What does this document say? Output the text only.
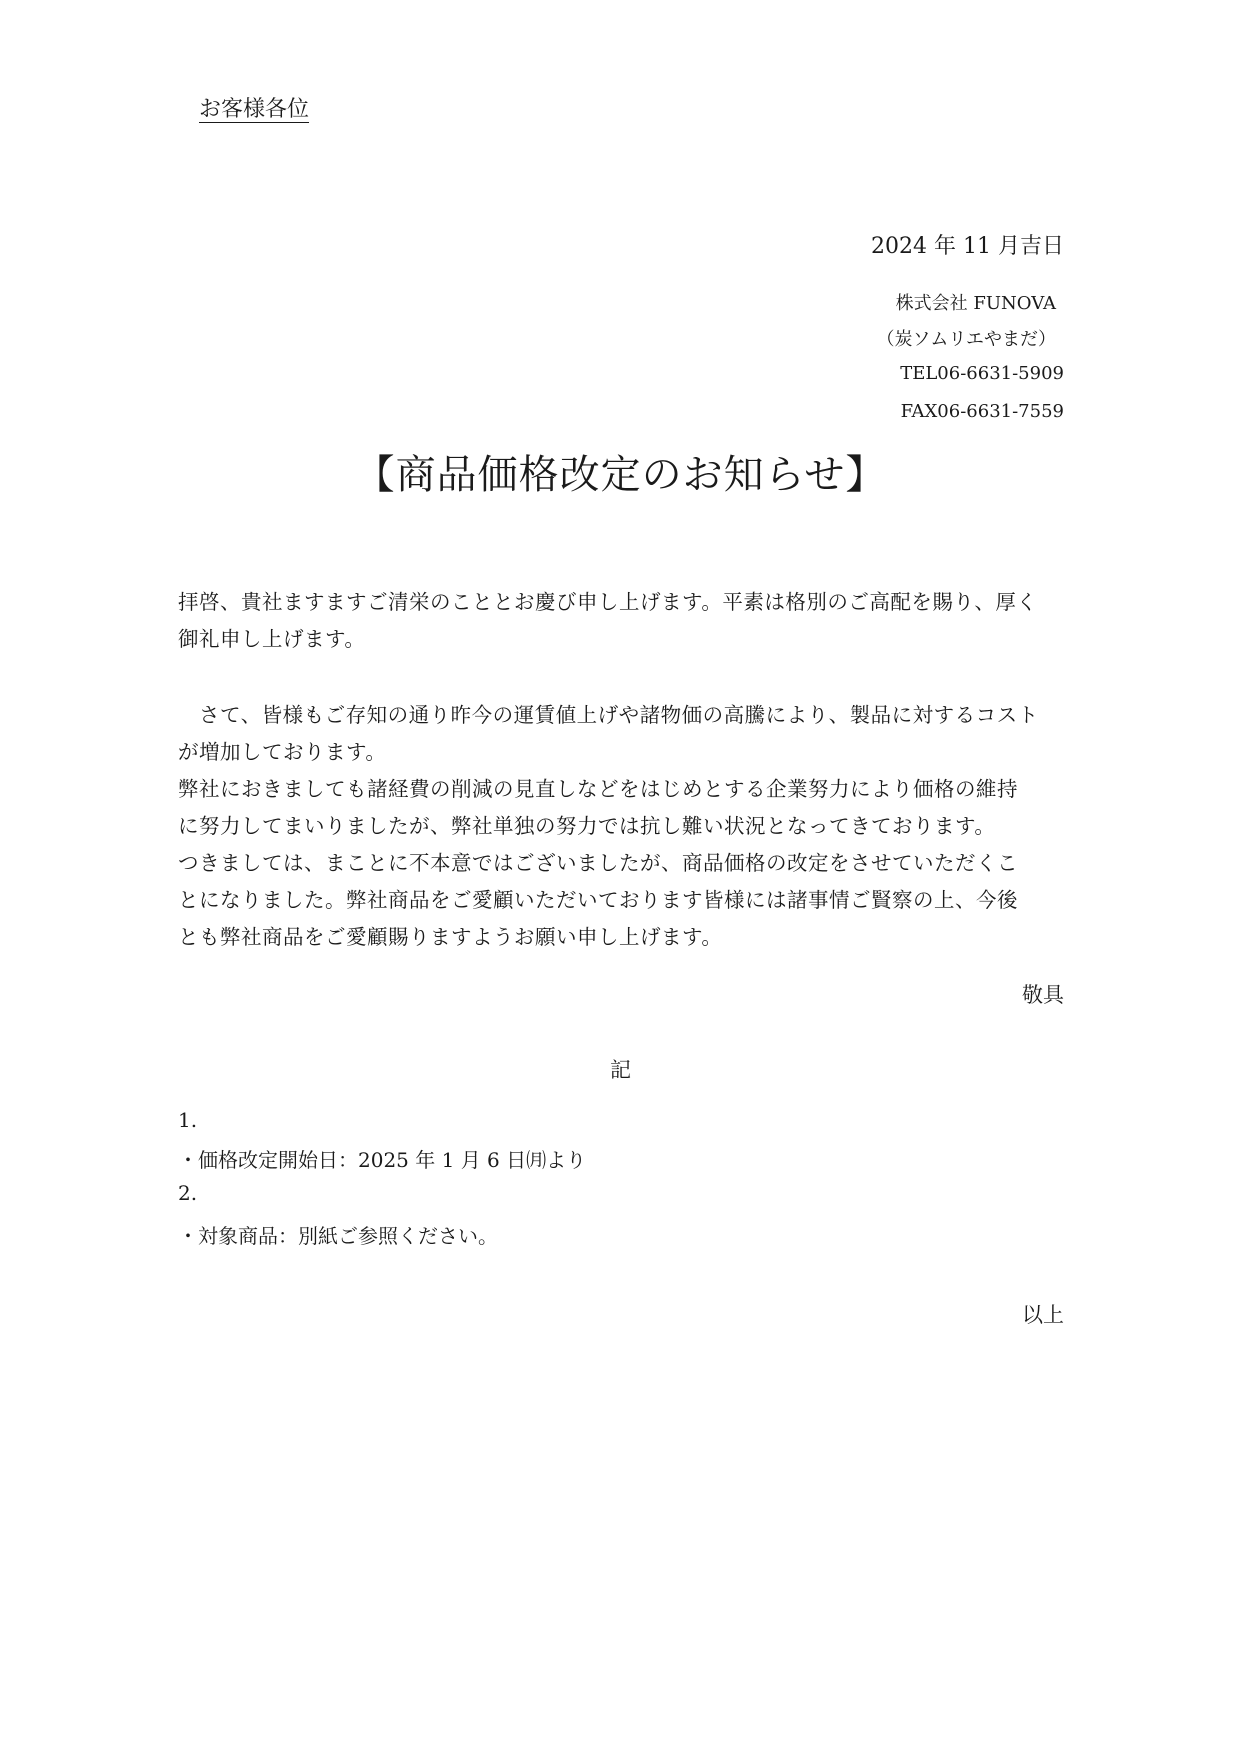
お客様各位
2024 年 11 月吉日
株式会社 FUNOVA
（炭ソムリエやまだ）
TEL06-6631-5909
FAX06-6631-7559
【商品価格改定のお知らせ】
拝啓、貴社ますますご清栄のこととお慶び申し上げます。平素は格別のご高配を賜り、厚く
御礼申し上げます。
　さて、皆様もご存知の通り昨今の運賃値上げや諸物価の高騰により、製品に対するコスト
が増加しております。
弊社におきましても諸経費の削減の見直しなどをはじめとする企業努力により価格の維持
に努力してまいりましたが、弊社単独の努力では抗し難い状況となってきております。
つきましては、まことに不本意ではございましたが、商品価格の改定をさせていただくこ
とになりました。弊社商品をご愛顧いただいております皆様には諸事情ご賢察の上、今後
とも弊社商品をご愛顧賜りますようお願い申し上げます。
敬具
記
1.
・価格改定開始日：2025 年 1 月 6 日㈪より
2.
・対象商品：別紙ご参照ください。
以上
